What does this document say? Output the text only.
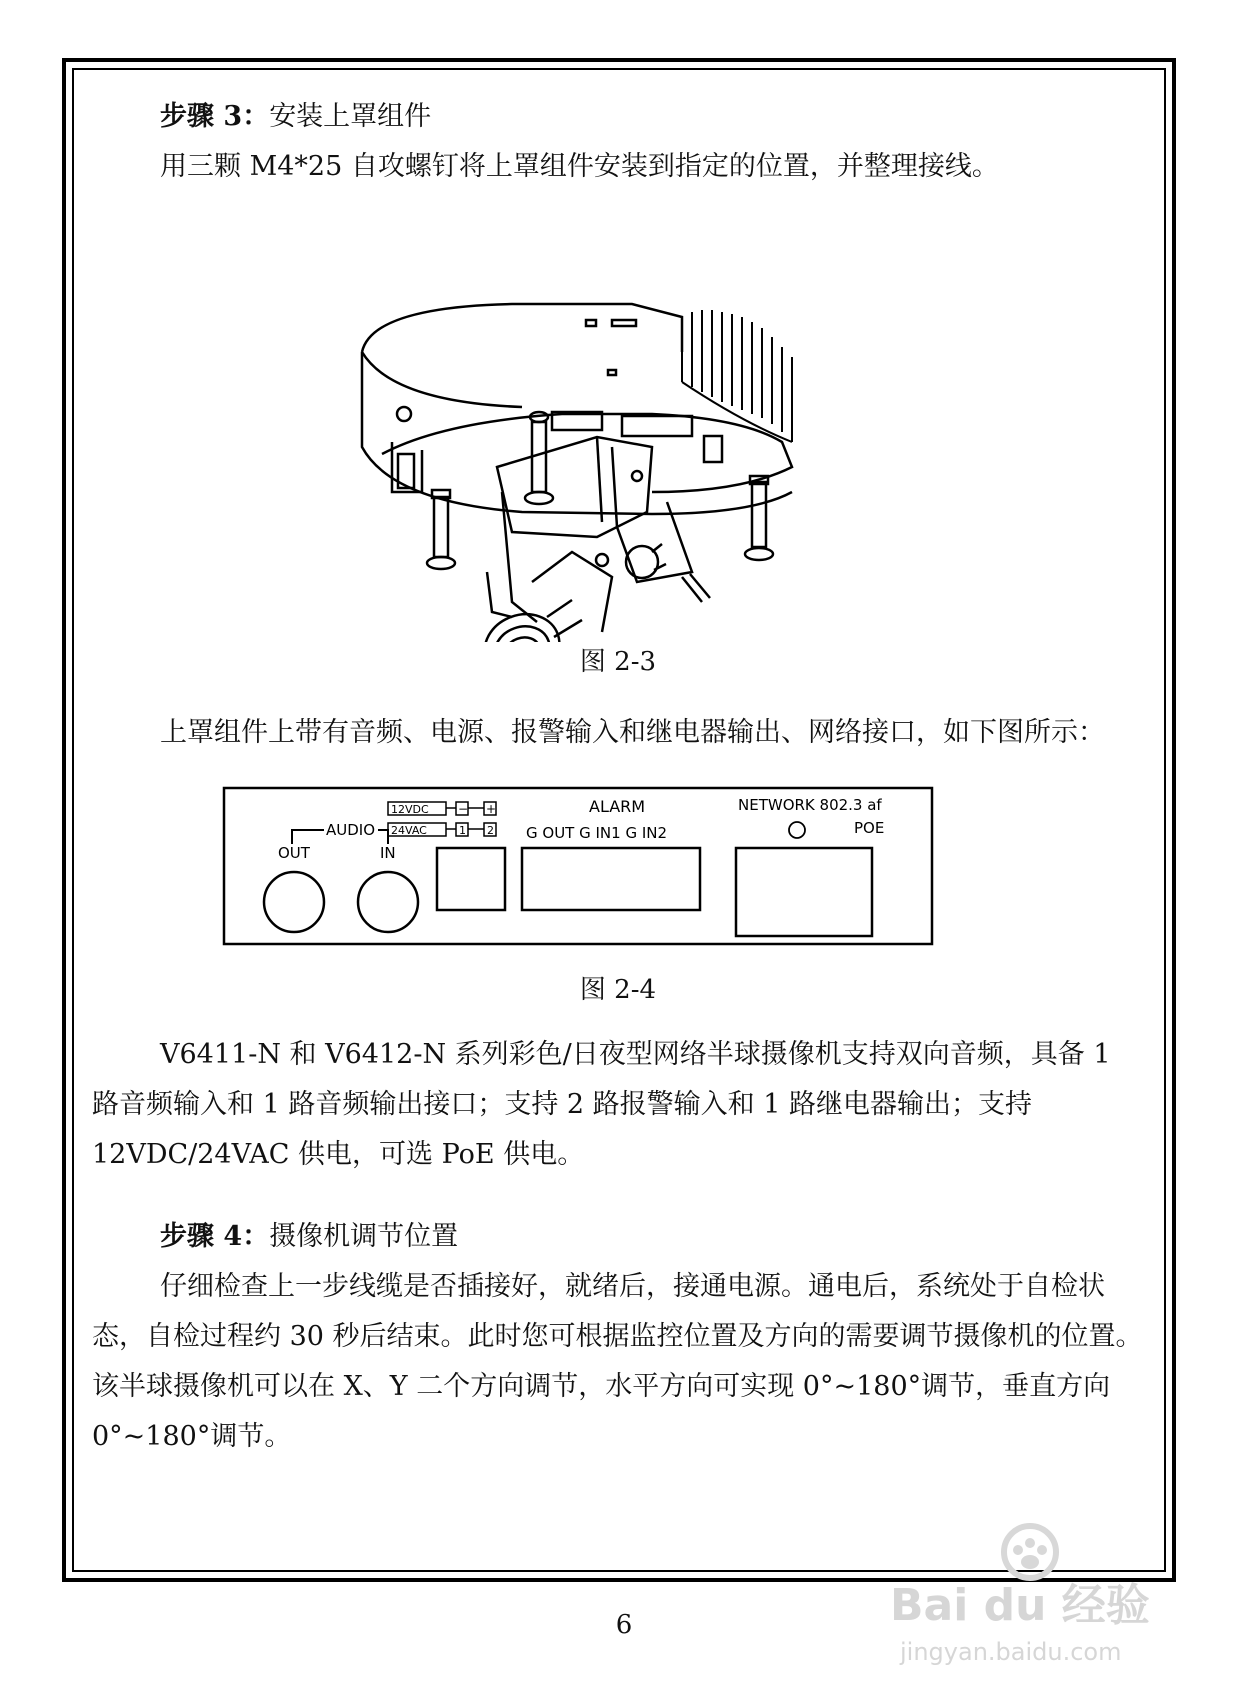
步骤 3：安装上罩组件

用三颗 M4*25 自攻螺钉将上罩组件安装到指定的位置，并整理接线。

图 2-3

上罩组件上带有音频、电源、报警输入和继电器输出、网络接口，如下图所示：

AUDIO
OUT	IN
12VDC
24VAC
− +
1 2
ALARM
G OUT G IN1 G IN2
NETWORK 802.3 af
POE

图 2-4

V6411-N 和 V6412-N 系列彩色/日夜型网络半球摄像机支持双向音频，具备 1 路音频输入和 1 路音频输出接口；支持 2 路报警输入和 1 路继电器输出；支持 12VDC/24VAC 供电，可选 PoE 供电。

步骤 4：摄像机调节位置

仔细检查上一步线缆是否插接好，就绪后，接通电源。通电后，系统处于自检状态，自检过程约 30 秒后结束。此时您可根据监控位置及方向的需要调节摄像机的位置。该半球摄像机可以在 X、Y 二个方向调节，水平方向可实现 0°~180°调节，垂直方向 0°~180°调节。

6	Bai du 经验
jingyan.baidu.com
